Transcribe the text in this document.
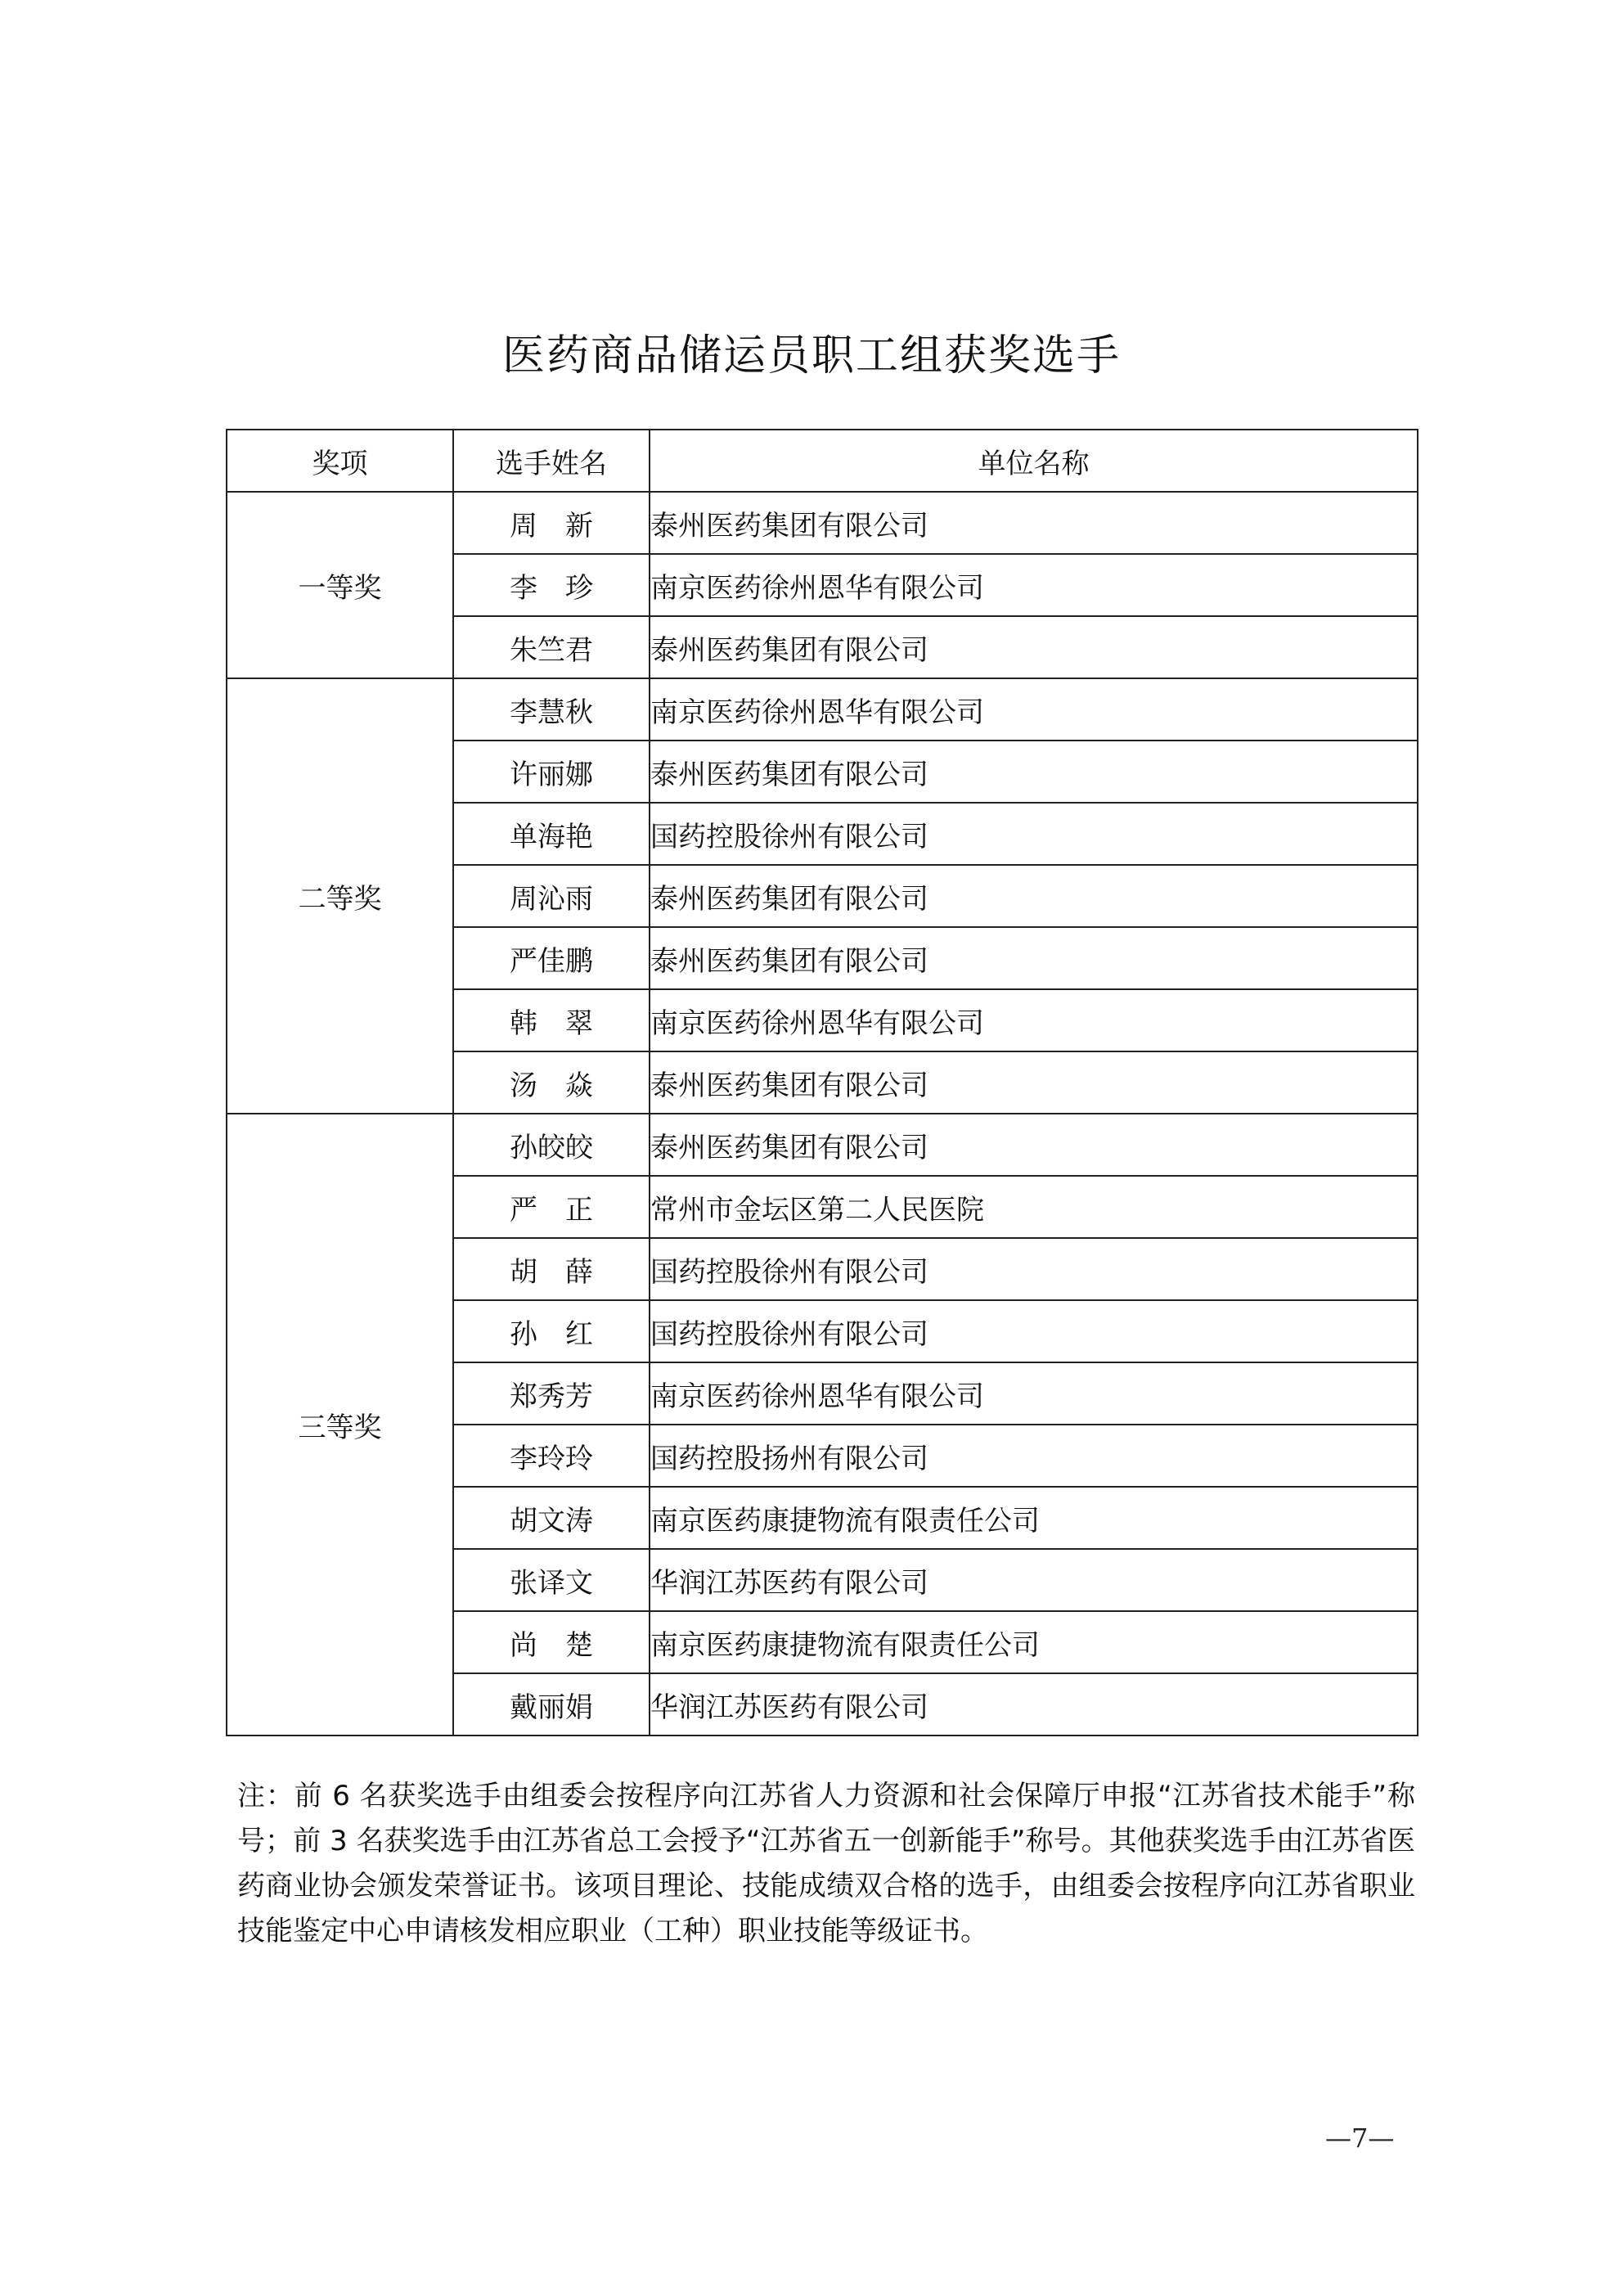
医药商品储运员职工组获奖选手
奖项	选手姓名	单位名称
一等奖	周　新	泰州医药集团有限公司
	李　珍	南京医药徐州恩华有限公司
	朱竺君	泰州医药集团有限公司
二等奖	李慧秋	南京医药徐州恩华有限公司
	许丽娜	泰州医药集团有限公司
	单海艳	国药控股徐州有限公司
	周沁雨	泰州医药集团有限公司
	严佳鹏	泰州医药集团有限公司
	韩　翠	南京医药徐州恩华有限公司
	汤　焱	泰州医药集团有限公司
三等奖	孙皎皎	泰州医药集团有限公司
	严　正	常州市金坛区第二人民医院
	胡　薛	国药控股徐州有限公司
	孙　红	国药控股徐州有限公司
	郑秀芳	南京医药徐州恩华有限公司
	李玲玲	国药控股扬州有限公司
	胡文涛	南京医药康捷物流有限责任公司
	张译文	华润江苏医药有限公司
	尚　楚	南京医药康捷物流有限责任公司
	戴丽娟	华润江苏医药有限公司
注：前 6 名获奖选手由组委会按程序向江苏省人力资源和社会保障厅申报“江苏省技术能手”称号；前 3 名获奖选手由江苏省总工会授予“江苏省五一创新能手”称号。其他获奖选手由江苏省医药商业协会颁发荣誉证书。该项目理论、技能成绩双合格的选手，由组委会按程序向江苏省职业技能鉴定中心申请核发相应职业（工种）职业技能等级证书。
—7—
